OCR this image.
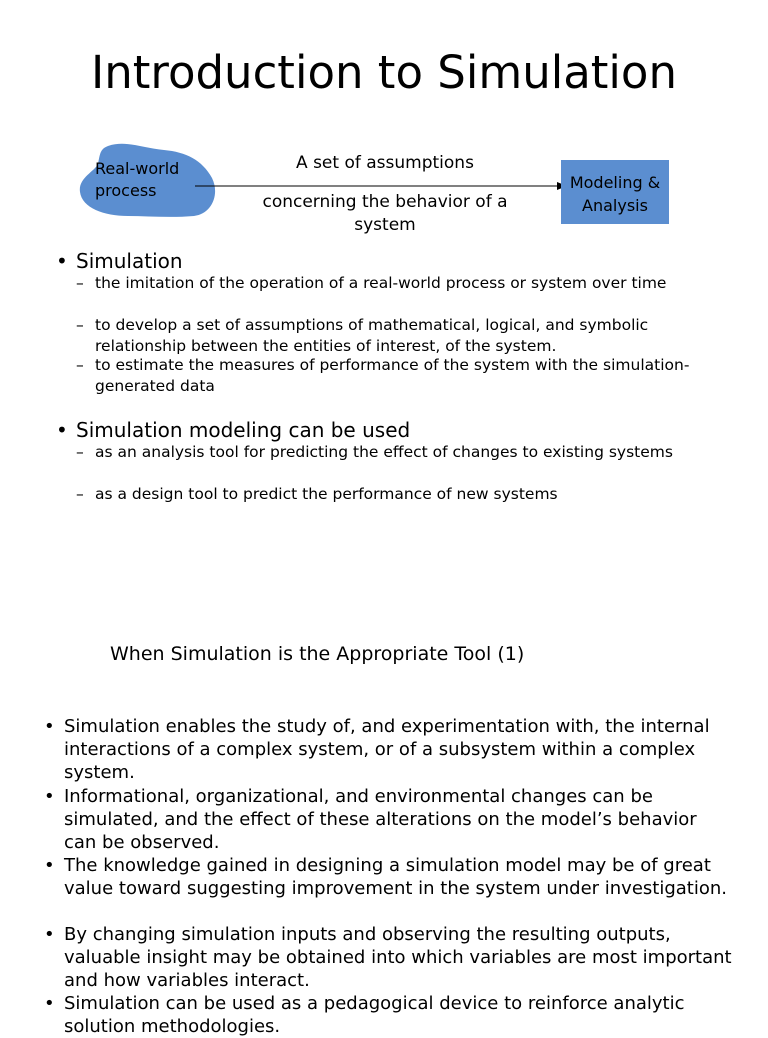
Introduction to Simulation
Real-world process
A set of assumptions
concerning the behavior of a system
Modeling & Analysis
• Simulation
– the imitation of the operation of a real-world process or system over time
– to develop a set of assumptions of mathematical, logical, and symbolic relationship between the entities of interest, of the system.
– to estimate the measures of performance of the system with the simulation-generated data
• Simulation modeling can be used
– as an analysis tool for predicting the effect of changes to existing systems
– as a design tool to predict the performance of new systems
When Simulation is the Appropriate Tool (1)
• Simulation enables the study of, and experimentation with, the internal interactions of a complex system, or of a subsystem within a complex system.
• Informational, organizational, and environmental changes can be simulated, and the effect of these alterations on the model’s behavior can be observed.
• The knowledge gained in designing a simulation model may be of great value toward suggesting improvement in the system under investigation.
• By changing simulation inputs and observing the resulting outputs, valuable insight may be obtained into which variables are most important and how variables interact.
• Simulation can be used as a pedagogical device to reinforce analytic solution methodologies.
